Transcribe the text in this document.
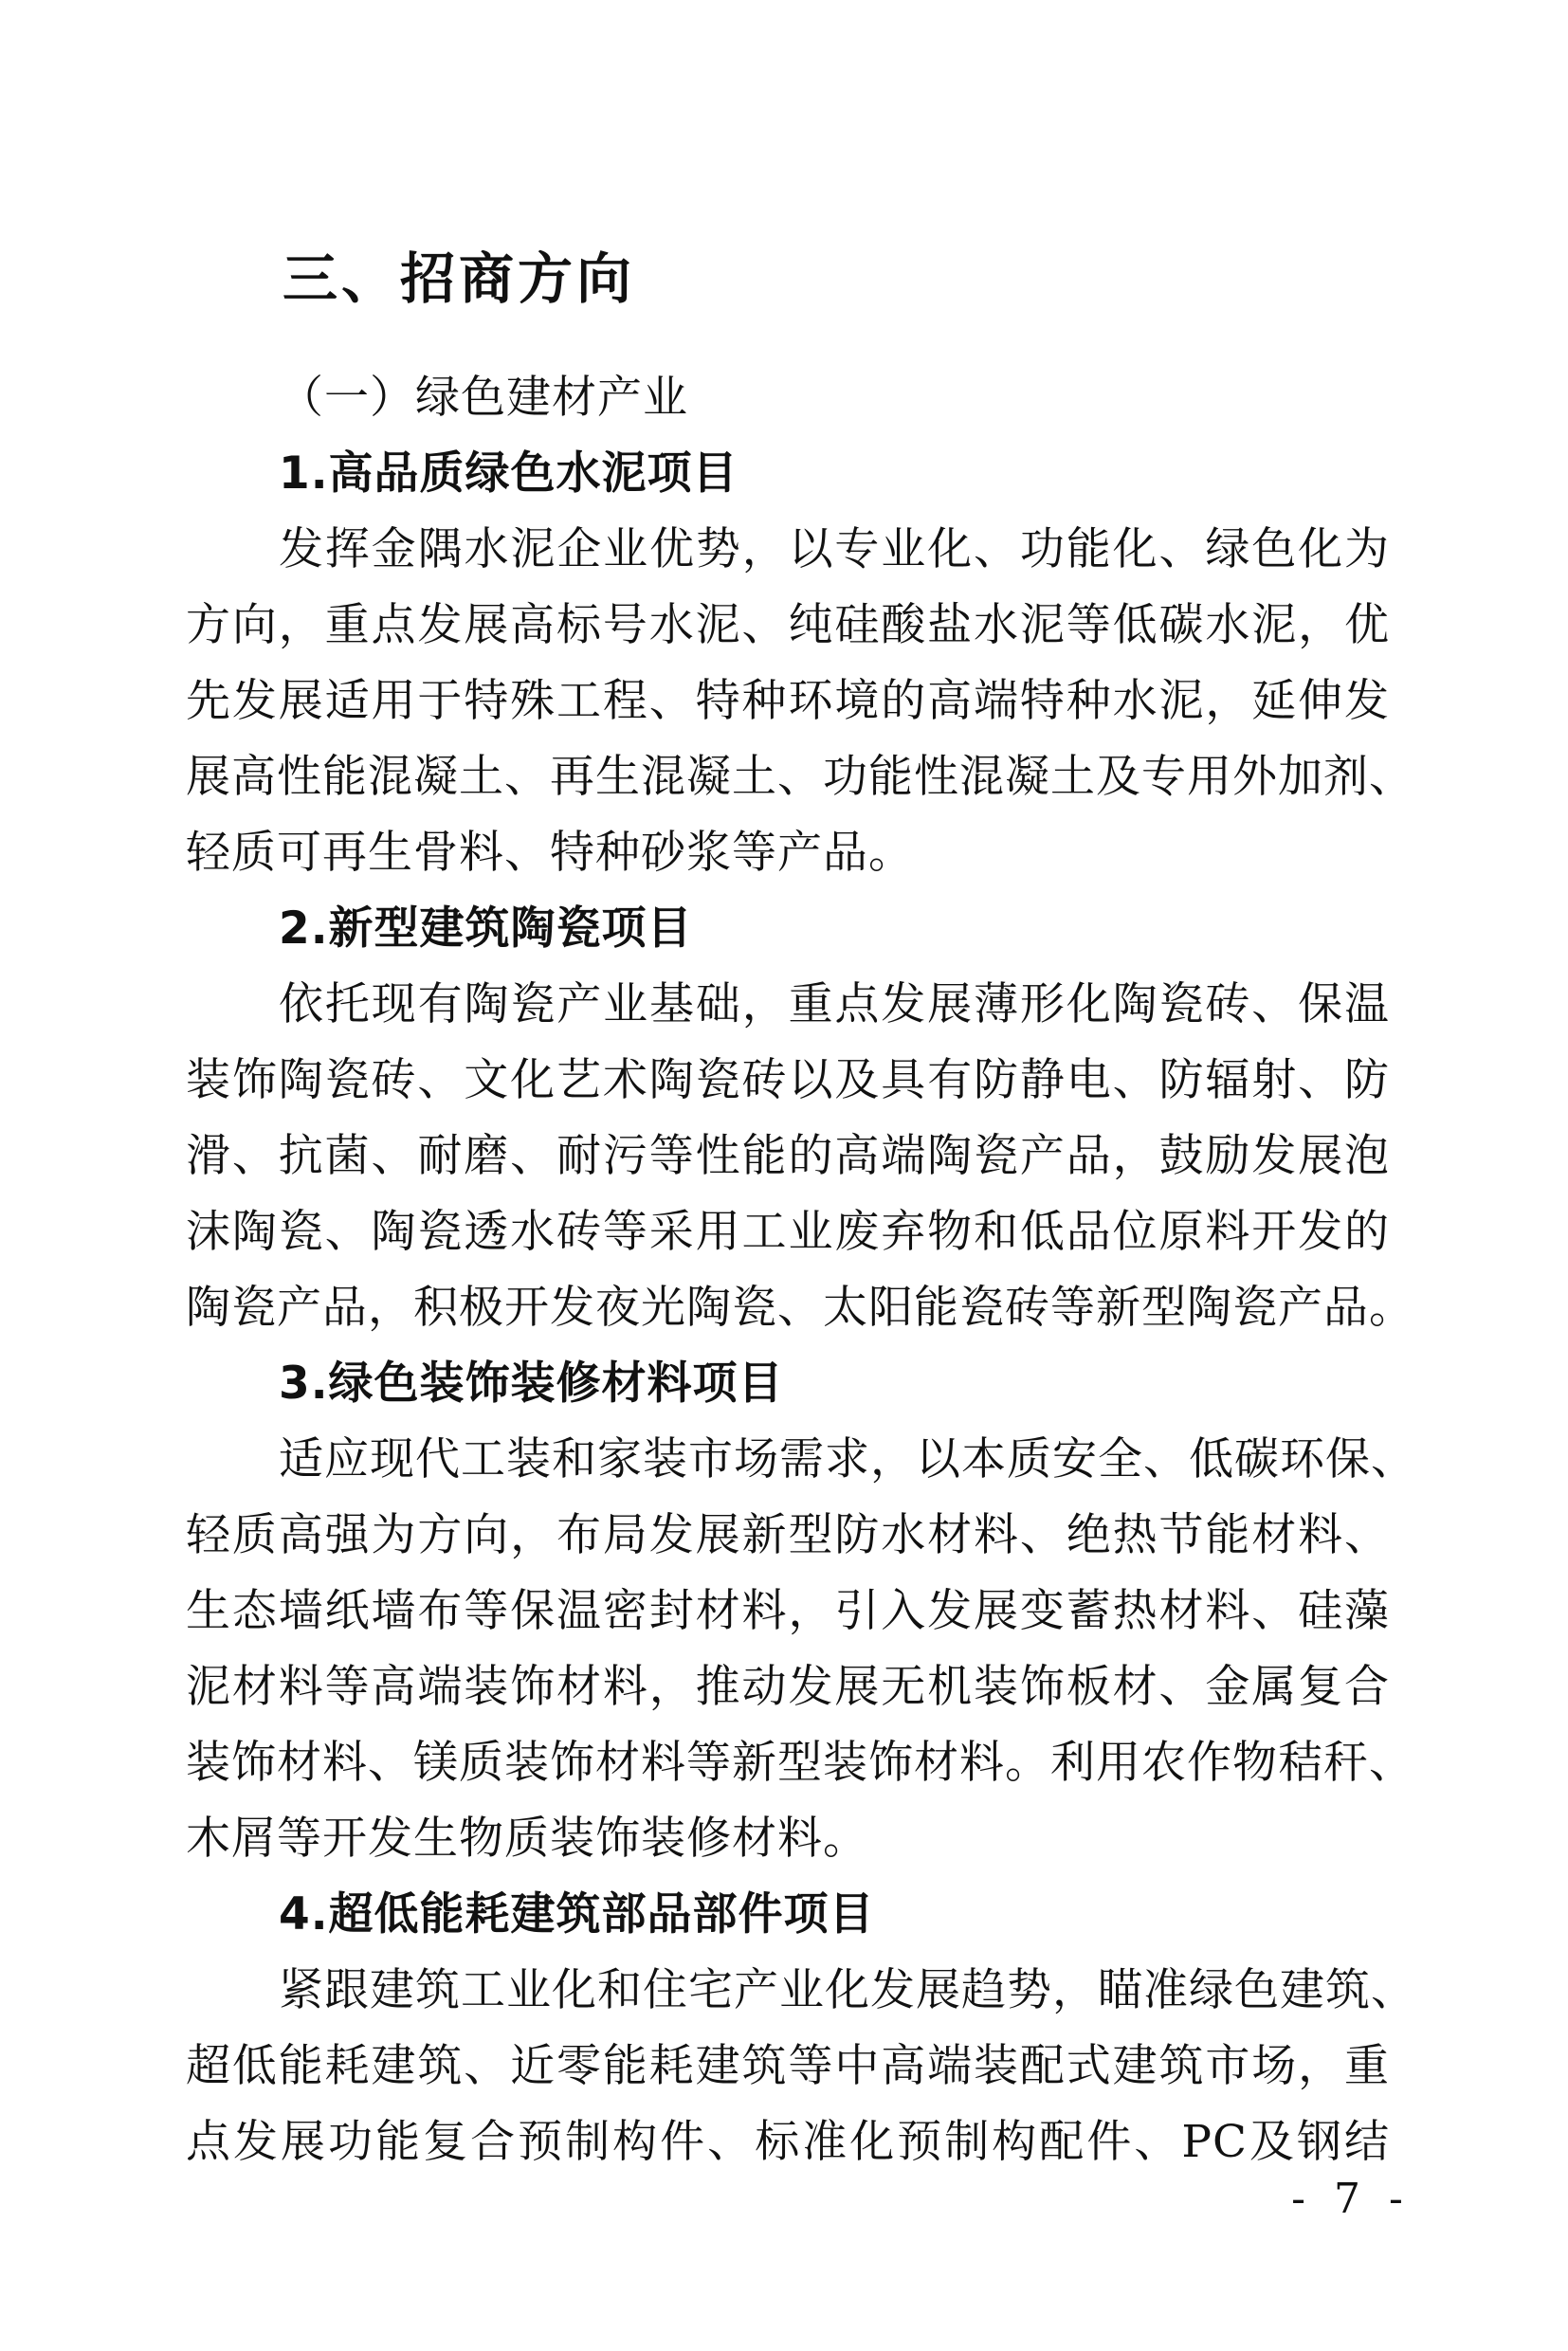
三、招商方向
（一）绿色建材产业
1.高品质绿色水泥项目
发挥金隅水泥企业优势，以专业化、功能化、绿色化为
方向，重点发展高标号水泥、纯硅酸盐水泥等低碳水泥，优
先发展适用于特殊工程、特种环境的高端特种水泥，延伸发
展高性能混凝土、再生混凝土、功能性混凝土及专用外加剂、
轻质可再生骨料、特种砂浆等产品。
2.新型建筑陶瓷项目
依托现有陶瓷产业基础，重点发展薄形化陶瓷砖、保温
装饰陶瓷砖、文化艺术陶瓷砖以及具有防静电、防辐射、防
滑、抗菌、耐磨、耐污等性能的高端陶瓷产品，鼓励发展泡
沫陶瓷、陶瓷透水砖等采用工业废弃物和低品位原料开发的
陶瓷产品，积极开发夜光陶瓷、太阳能瓷砖等新型陶瓷产品。
3.绿色装饰装修材料项目
适应现代工装和家装市场需求，以本质安全、低碳环保、
轻质高强为方向，布局发展新型防水材料、绝热节能材料、
生态墙纸墙布等保温密封材料，引入发展变蓄热材料、硅藻
泥材料等高端装饰材料，推动发展无机装饰板材、金属复合
装饰材料、镁质装饰材料等新型装饰材料。利用农作物秸秆、
木屑等开发生物质装饰装修材料。
4.超低能耗建筑部品部件项目
紧跟建筑工业化和住宅产业化发展趋势，瞄准绿色建筑、
超低能耗建筑、近零能耗建筑等中高端装配式建筑市场，重
点发展功能复合预制构件、标准化预制构配件、PC及钢结
- 7 -
